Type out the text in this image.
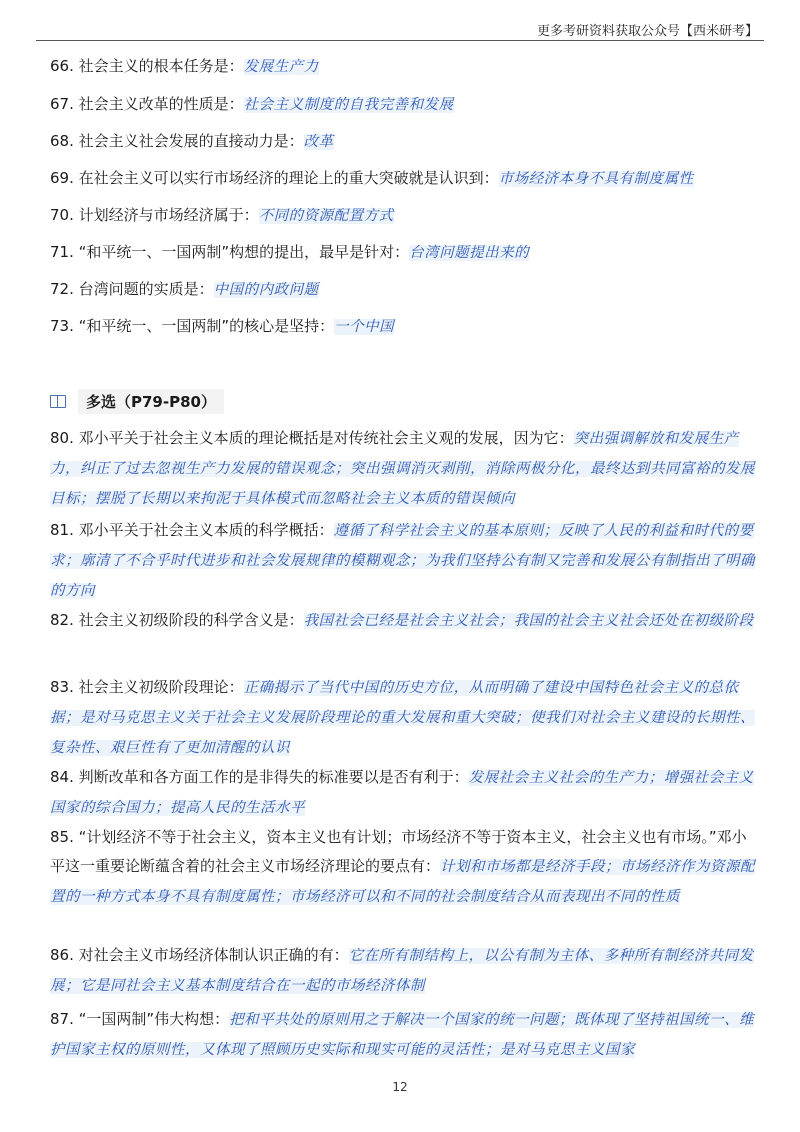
更多考研资料获取公众号【西米研考】
66. 社会主义的根本任务是：发展生产力
67. 社会主义改革的性质是：社会主义制度的自我完善和发展
68. 社会主义社会发展的直接动力是：改革
69. 在社会主义可以实行市场经济的理论上的重大突破就是认识到：市场经济本身不具有制度属性
70. 计划经济与市场经济属于：不同的资源配置方式
71. “和平统一、一国两制”构想的提出，最早是针对：台湾问题提出来的
72. 台湾问题的实质是：中国的内政问题
73. “和平统一、一国两制”的核心是坚持：一个中国
多选（P79-P80）
80. 邓小平关于社会主义本质的理论概括是对传统社会主义观的发展，因为它：突出强调解放和发展生产力，纠正了过去忽视生产力发展的错误观念；突出强调消灭剥削，消除两极分化，最终达到共同富裕的发展目标；摆脱了长期以来拘泥于具体模式而忽略社会主义本质的错误倾向
81. 邓小平关于社会主义本质的科学概括：遵循了科学社会主义的基本原则；反映了人民的利益和时代的要求；廓清了不合乎时代进步和社会发展规律的模糊观念；为我们坚持公有制又完善和发展公有制指出了明确的方向
82. 社会主义初级阶段的科学含义是：我国社会已经是社会主义社会；我国的社会主义社会还处在初级阶段
83. 社会主义初级阶段理论：正确揭示了当代中国的历史方位，从而明确了建设中国特色社会主义的总依据；是对马克思主义关于社会主义发展阶段理论的重大发展和重大突破；使我们对社会主义建设的长期性、复杂性、艰巨性有了更加清醒的认识
84. 判断改革和各方面工作的是非得失的标准要以是否有利于：发展社会主义社会的生产力；增强社会主义国家的综合国力；提高人民的生活水平
85. “计划经济不等于社会主义，资本主义也有计划；市场经济不等于资本主义，社会主义也有市场。”邓小平这一重要论断蕴含着的社会主义市场经济理论的要点有：计划和市场都是经济手段；市场经济作为资源配置的一种方式本身不具有制度属性；市场经济可以和不同的社会制度结合从而表现出不同的性质
86. 对社会主义市场经济体制认识正确的有：它在所有制结构上，以公有制为主体、多种所有制经济共同发展；它是同社会主义基本制度结合在一起的市场经济体制
87. “一国两制”伟大构想：把和平共处的原则用之于解决一个国家的统一问题；既体现了坚持祖国统一、维护国家主权的原则性，又体现了照顾历史实际和现实可能的灵活性；是对马克思主义国家
12
